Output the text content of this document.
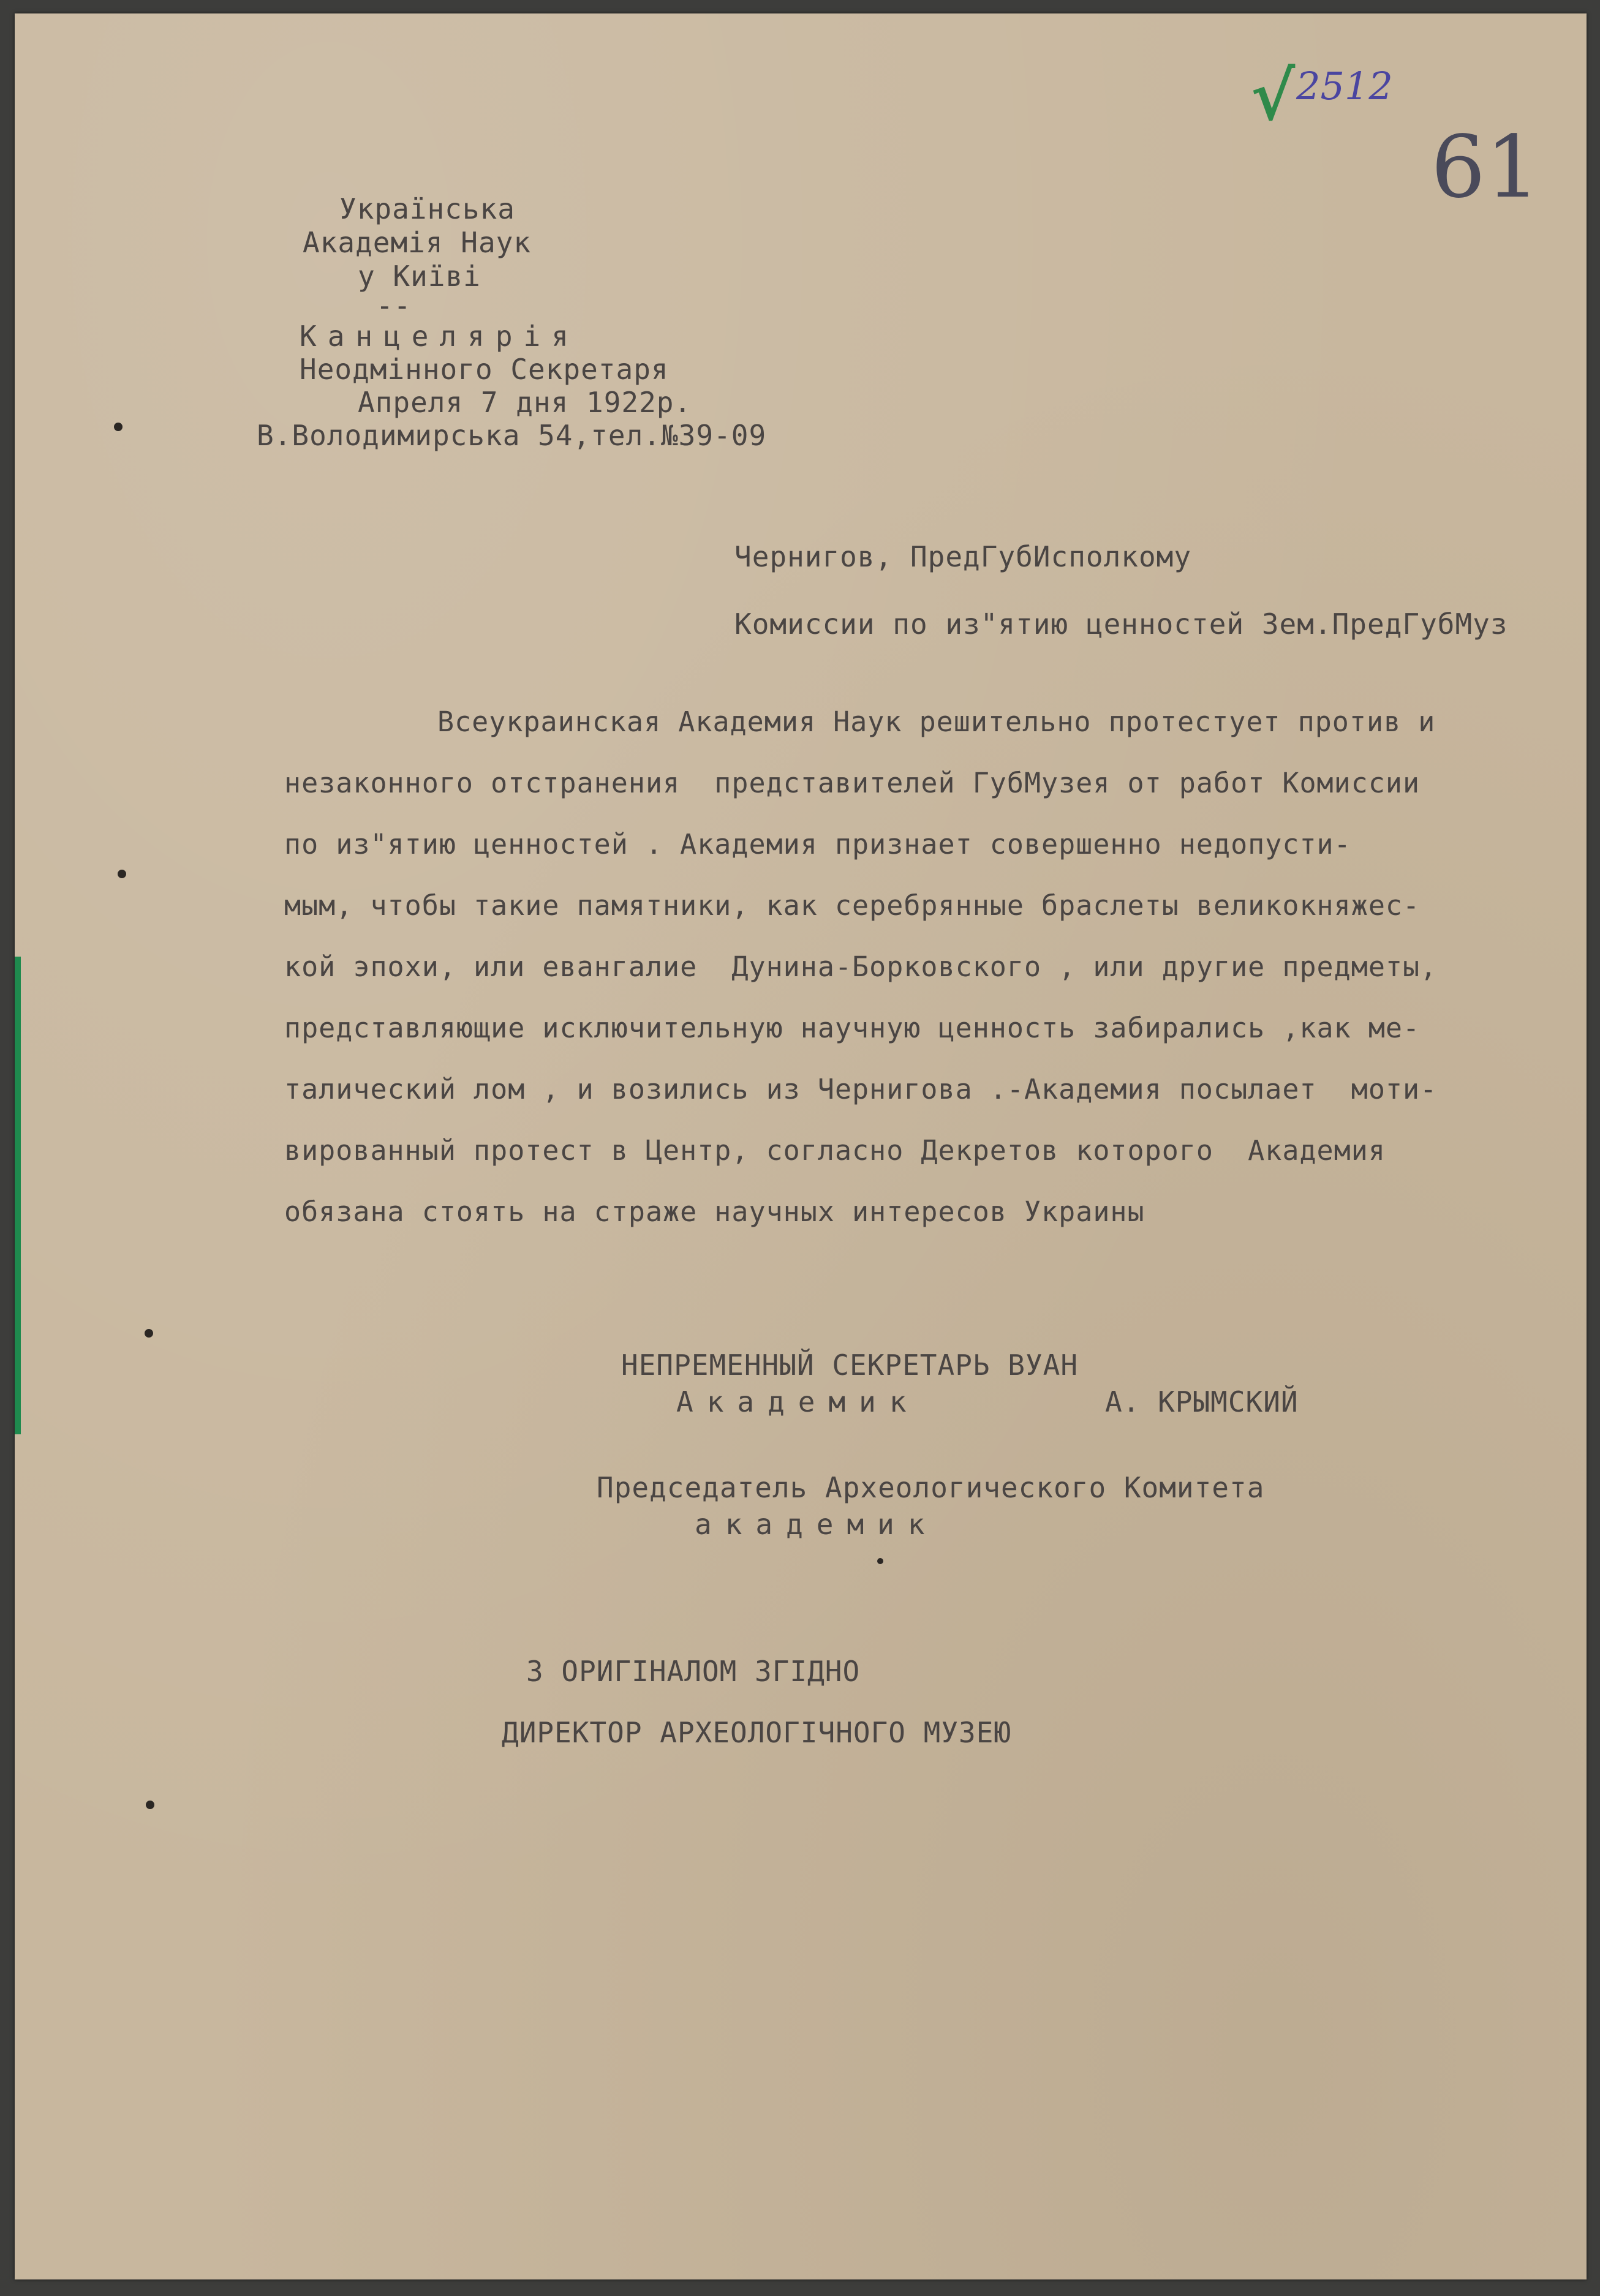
√ 2512
61
Українська
Академія Наук
у Київі
--
Канцелярія
Неодмінного Секретаря
Апреля 7 дня 1922р.
В.Володимирська 54,тел.№39-09
Чернигов, ПредГубИсполкому
Комиссии по из"ятию ценностей Зем.ПредГубМуз
Всеукраинская Академия Наук решительно протестует против и
незаконного отстранения  представителей ГубМузея от работ Комиссии
по из"ятию ценностей . Академия признает совершенно недопусти-
мым, чтобы такие памятники, как серебрянные браслеты великокняжес-
кой эпохи, или евангалие  Дунина-Борковского , или другие предметы,
представляющие исключительную научную ценность забирались ,как ме-
талический лом , и возились из Чернигова .-Академия посылает  моти-
вированный протест в Центр, согласно Декретов которого  Академия
обязана стоять на страже научных интересов Украины
НЕПРЕМЕННЫЙ СЕКРЕТАРЬ ВУАН
Академик	А. КРЫМСКИЙ
Председатель Археологического Комитета
академик
З ОРИГІНАЛОМ ЗГІДНО
ДИРЕКТОР АРХЕОЛОГІЧНОГО МУЗЕЮ
